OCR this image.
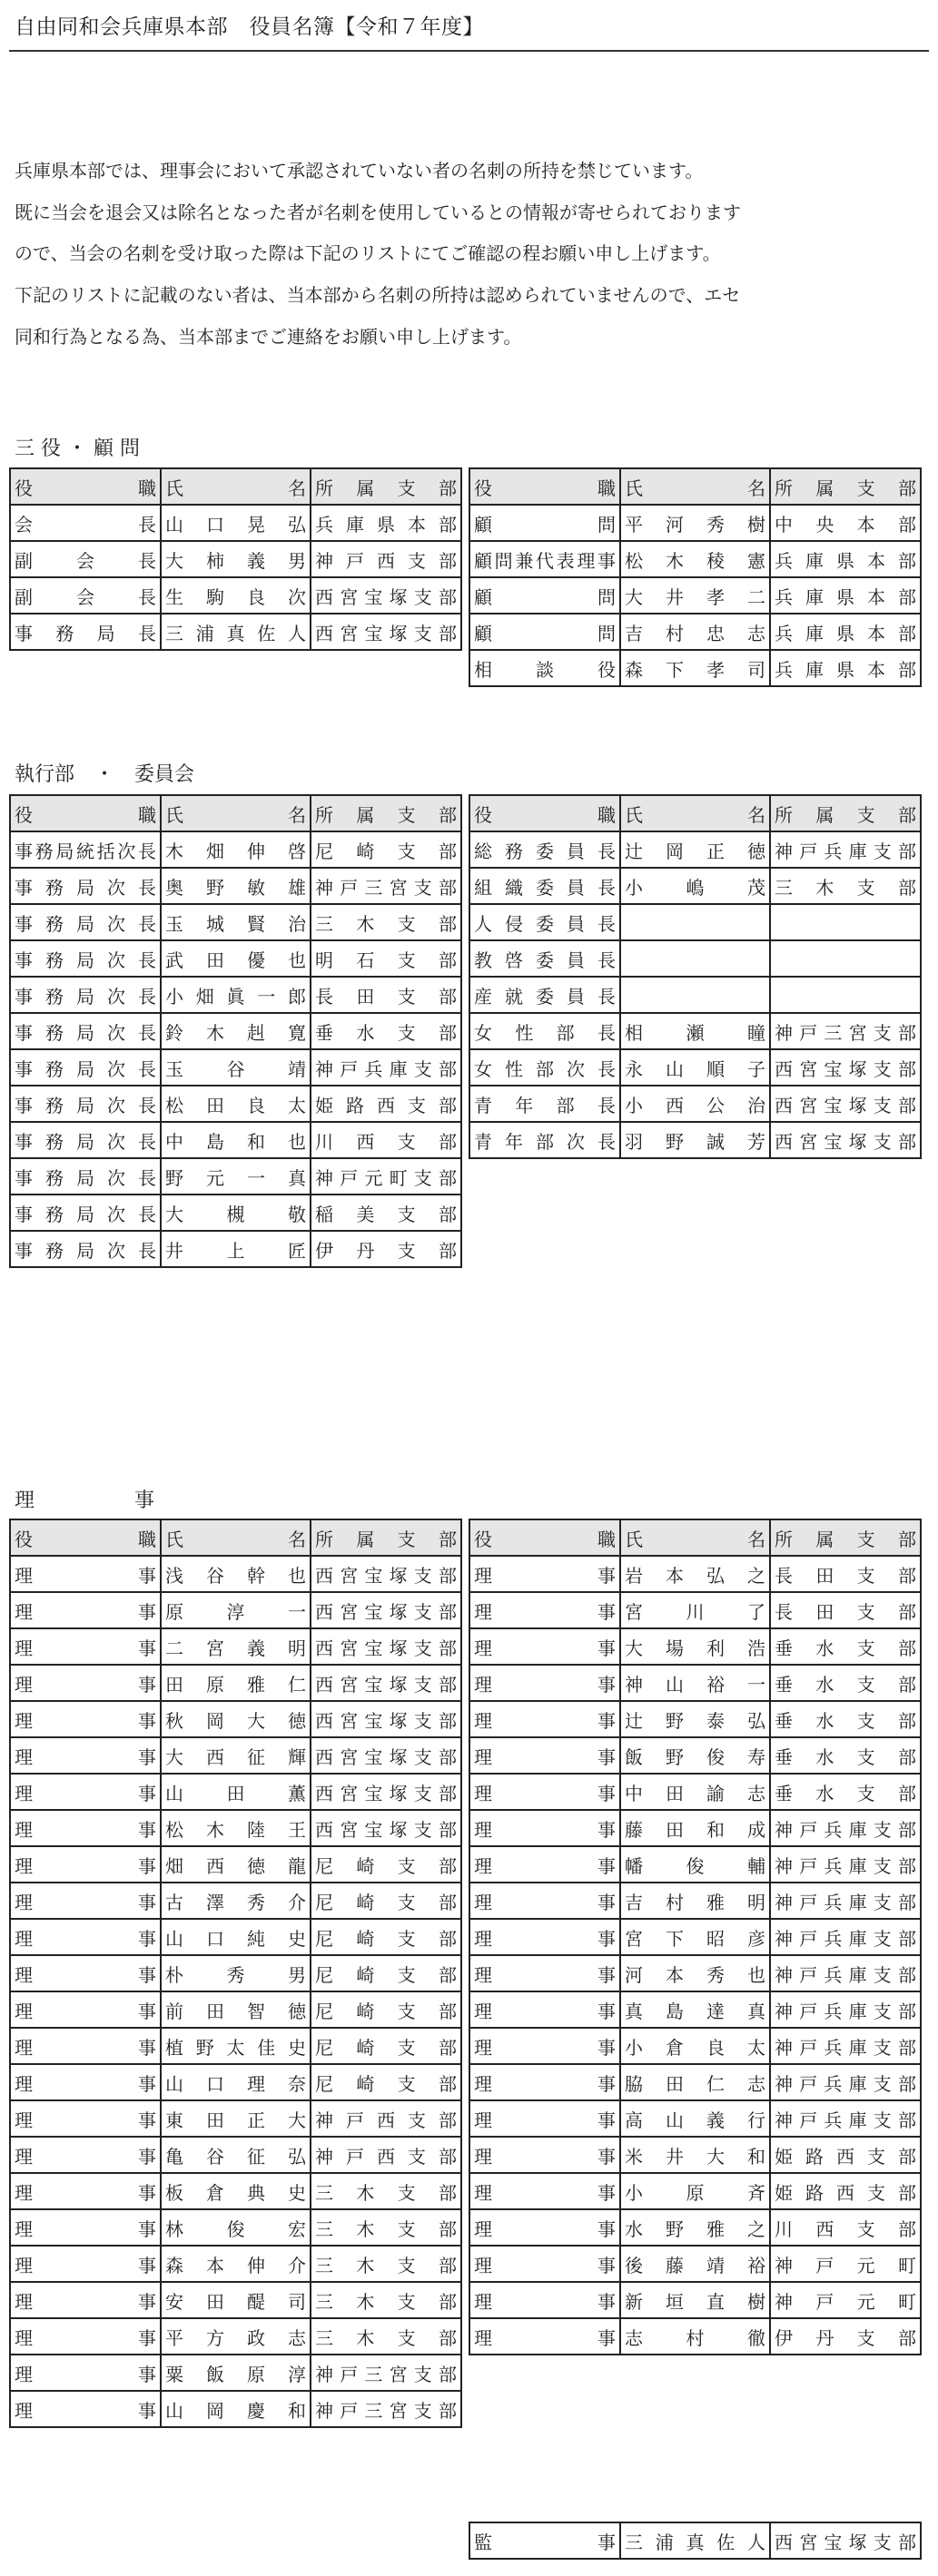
自由同和会兵庫県本部　役員名簿【令和７年度】

兵庫県本部では、理事会において承認されていない者の名刺の所持を禁じています。

既に当会を退会又は除名となった者が名刺を使用しているとの情報が寄せられております

ので、当会の名刺を受け取った際は下記のリストにてご確認の程お願い申し上げます。

下記のリストに記載のない者は、当本部から名刺の所持は認められていませんので、エセ

同和行為となる為、当本部までご連絡をお願い申し上げます。

三 役 ・ 顧 問
執行部　・　委員会
理　　　　　事
役職	氏名	所属支部
会長	山口晃弘	兵庫県本部
副会長	大柿義男	神戸西支部
副会長	生駒良次	西宮宝塚支部
事務局長	三浦真佐人	西宮宝塚支部
役職	氏名	所属支部
顧問	平河秀樹	中央本部
顧問兼代表理事	松木稜憲	兵庫県本部
顧問	大井孝二	兵庫県本部
顧問	吉村忠志	兵庫県本部
相談役	森下孝司	兵庫県本部
役職	氏名	所属支部
事務局統括次長	木畑伸啓	尼崎支部
事務局次長	奥野敏雄	神戸三宮支部
事務局次長	玉城賢治	三木支部
事務局次長	武田優也	明石支部
事務局次長	小畑眞一郎	長田支部
事務局次長	鈴木赳寛	垂水支部
事務局次長	玉谷靖	神戸兵庫支部
事務局次長	松田良太	姫路西支部
事務局次長	中島和也	川西支部
事務局次長	野元一真	神戸元町支部
事務局次長	大槻敬	稲美支部
事務局次長	井上匠	伊丹支部
役職	氏名	所属支部
総務委員長	辻岡正徳	神戸兵庫支部
組織委員長	小嶋茂	三木支部
人侵委員長		
教啓委員長		
産就委員長		
女性部長	相瀬瞳	神戸三宮支部
女性部次長	永山順子	西宮宝塚支部
青年部長	小西公治	西宮宝塚支部
青年部次長	羽野誠芳	西宮宝塚支部
役職	氏名	所属支部
理事	浅谷幹也	西宮宝塚支部
理事	原淳一	西宮宝塚支部
理事	二宮義明	西宮宝塚支部
理事	田原雅仁	西宮宝塚支部
理事	秋岡大徳	西宮宝塚支部
理事	大西征輝	西宮宝塚支部
理事	山田薫	西宮宝塚支部
理事	松木陸王	西宮宝塚支部
理事	畑西徳龍	尼崎支部
理事	古澤秀介	尼崎支部
理事	山口純史	尼崎支部
理事	朴秀男	尼崎支部
理事	前田智徳	尼崎支部
理事	植野太佳史	尼崎支部
理事	山口理奈	尼崎支部
理事	東田正大	神戸西支部
理事	亀谷征弘	神戸西支部
理事	板倉典史	三木支部
理事	林俊宏	三木支部
理事	森本伸介	三木支部
理事	安田醍司	三木支部
理事	平方政志	三木支部
理事	粟飯原淳	神戸三宮支部
理事	山岡慶和	神戸三宮支部
役職	氏名	所属支部
理事	岩本弘之	長田支部
理事	宮川了	長田支部
理事	大場利浩	垂水支部
理事	神山裕一	垂水支部
理事	辻野泰弘	垂水支部
理事	飯野俊寿	垂水支部
理事	中田諭志	垂水支部
理事	藤田和成	神戸兵庫支部
理事	幡俊輔	神戸兵庫支部
理事	吉村雅明	神戸兵庫支部
理事	宮下昭彦	神戸兵庫支部
理事	河本秀也	神戸兵庫支部
理事	真島達真	神戸兵庫支部
理事	小倉良太	神戸兵庫支部
理事	脇田仁志	神戸兵庫支部
理事	高山義行	神戸兵庫支部
理事	米井大和	姫路西支部
理事	小原斉	姫路西支部
理事	水野雅之	川西支部
理事	後藤靖裕	神戸元町
理事	新垣直樹	神戸元町
理事	志村徹	伊丹支部
監事	三浦真佐人	西宮宝塚支部
